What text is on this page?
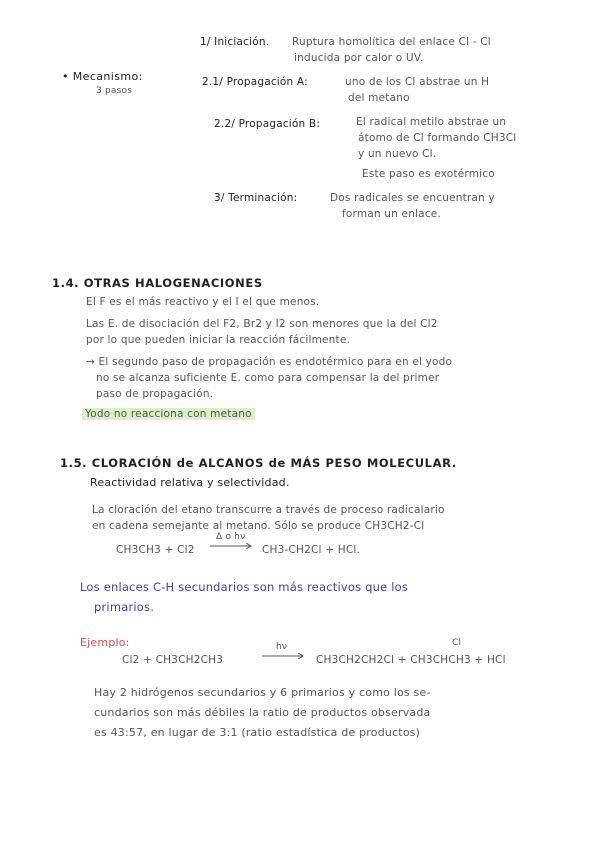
• Mecanismo:
3 pasos
1/ Iniciación. Ruptura homolítica del enlace Cl - Cl
inducida por calor o UV.
2.1/ Propagación A:	uno de los Cl abstrae un H
del metano
2.2/ Propagación B:	El radical metilo abstrae un
átomo de Cl formando CH3Cl
y un nuevo Cl.
Este paso es exotérmico
3/ Terminación:	Dos radicales se encuentran y
forman un enlace.
1.4. OTRAS HALOGENACIONES
El F es el más reactivo y el I el que menos.
Las E. de disociación del F2, Br2 y I2 son menores que la del Cl2
por lo que pueden iniciar la reacción fácilmente.
→ El segundo paso de propagación es endotérmico para en el yodo
no se alcanza suficiente E. como para compensar la del primer
paso de propagación.
Yodo no reacciona con metano
1.5. CLORACIÓN de ALCANOS de MÁS PESO MOLECULAR.
Reactividad relativa y selectividad.
La cloración del etano transcurre a través de proceso radicalario
en cadena semejante al metano. Sólo se produce CH3CH2-Cl
CH3CH3 + Cl2
Δ o hν
CH3-CH2Cl + HCl.
Los enlaces C-H secundarios son más reactivos que los
primarios.
Ejemplo:
Cl2 + CH3CH2CH3
hν
CH3CH2CH2Cl + CH3CHCH3 + HCl
Cl
Hay 2 hidrógenos secundarios y 6 primarios y como los se-
cundarios son más débiles la ratio de productos observada
es 43:57, en lugar de 3:1 (ratio estadística de productos)
